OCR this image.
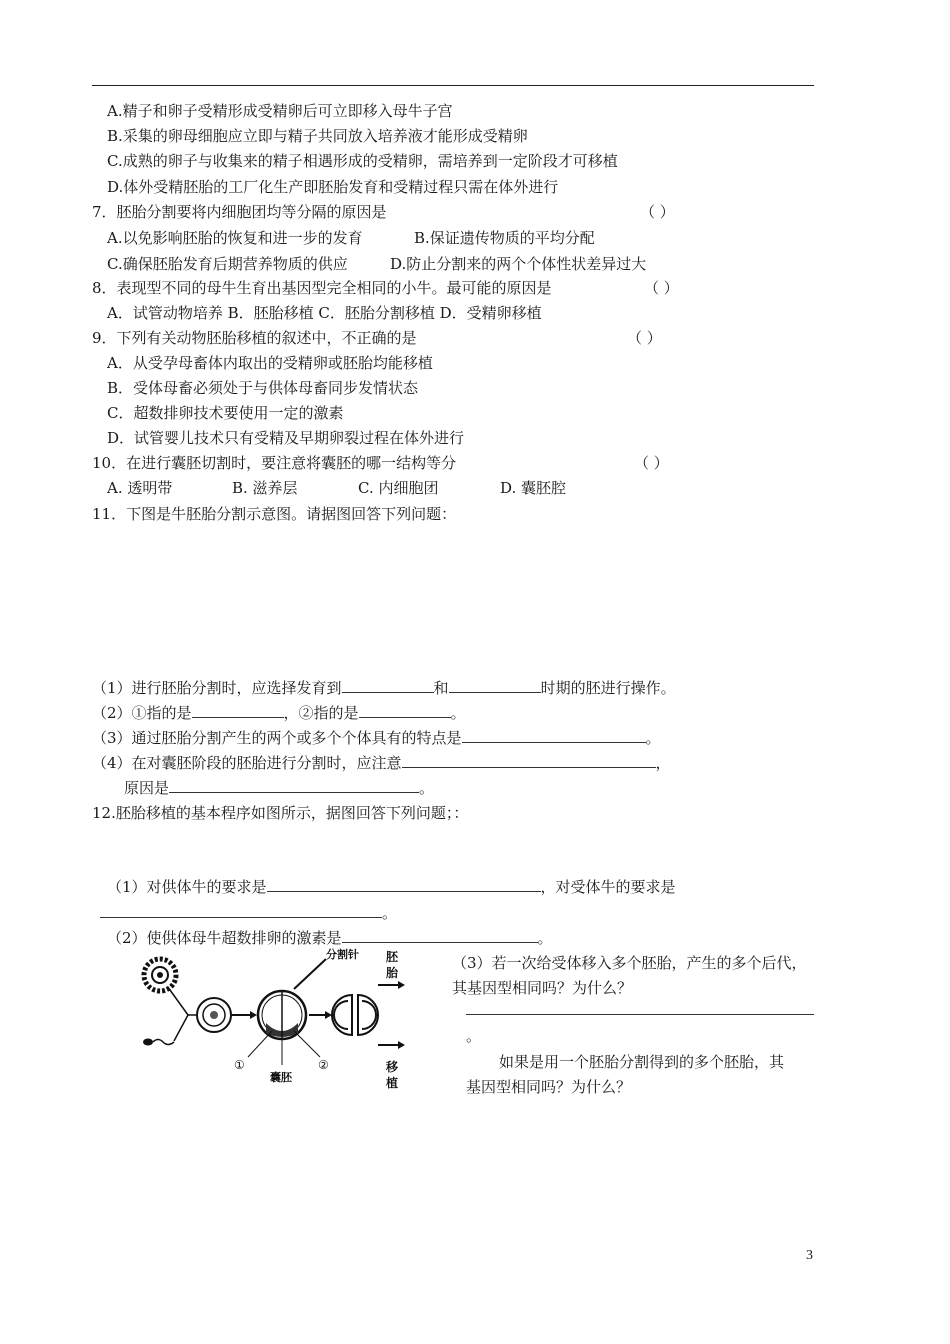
A.精子和卵子受精形成受精卵后可立即移入母牛子宫
B.采集的卵母细胞应立即与精子共同放入培养液才能形成受精卵
C.成熟的卵子与收集来的精子相遇形成的受精卵，需培养到一定阶段才可移植
D.体外受精胚胎的工厂化生产即胚胎发育和受精过程只需在体外进行
7．胚胎分割要将内细胞团均等分隔的原因是	（ ）
A.以免影响胚胎的恢复和进一步的发育	B.保证遗传物质的平均分配
C.确保胚胎发育后期营养物质的供应	D.防止分割来的两个个体性状差异过大
8．表现型不同的母牛生育出基因型完全相同的小牛。最可能的原因是	（ ）
A．试管动物培养 B．胚胎移植 C．胚胎分割移植 D．受精卵移植
9．下列有关动物胚胎移植的叙述中，不正确的是	（ ）
A．从受孕母畜体内取出的受精卵或胚胎均能移植
B．受体母畜必须处于与供体母畜同步发情状态
C．超数排卵技术要使用一定的激素
D．试管婴儿技术只有受精及早期卵裂过程在体外进行
10．在进行囊胚切割时，要注意将囊胚的哪一结构等分	（ ）
A. 透明带	B. 滋养层	C. 内细胞团	D. 囊胚腔
11．下图是牛胚胎分割示意图。请据图回答下列问题：
（1）进行胚胎分割时，应选择发育到	和	时期的胚进行操作。
（2）①指的是	，②指的是	。
（3）通过胚胎分割产生的两个或多个个体具有的特点是	。
（4）在对囊胚阶段的胚胎进行分割时，应注意	，
原因是	。
12.胚胎移植的基本程序如图所示，据图回答下列问题；：
（1）对供体牛的要求是	，对受体牛的要求是
。
（2）使供体母牛超数排卵的激素是	。
（3）若一次给受体移入多个胚胎，产生的多个后代，
其基因型相同吗？为什么？
。
如果是用一个胚胎分割得到的多个胚胎，其
基因型相同吗？为什么？
分割针 胚
胎
移
植
①	②
囊胚
3
